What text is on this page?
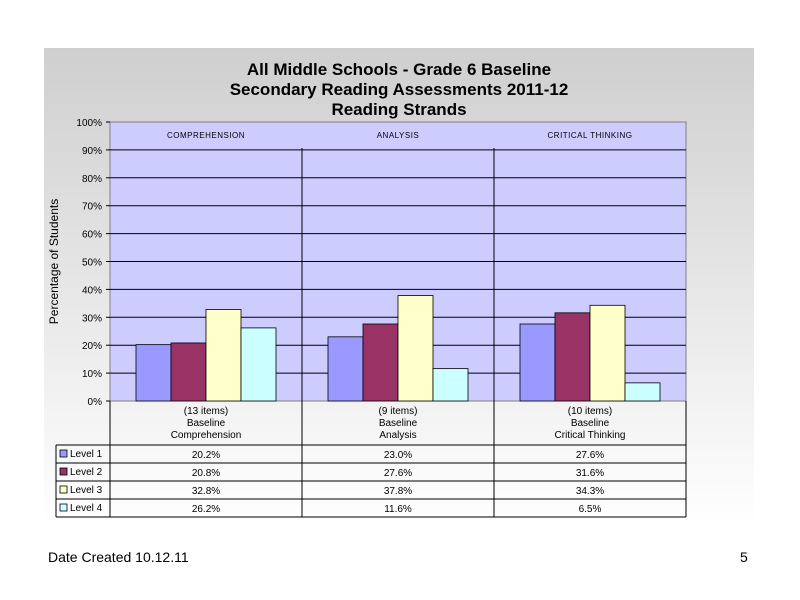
All Middle Schools - Grade 6 Baseline
Secondary Reading Assessments 2011-12
Reading Strands
0%
10%
20%
30%
40%
50%
60%
70%
80%
90%
100%
COMPREHENSION	ANALYSIS	CRITICAL THINKING
Percentage of Students
(13 items)
Baseline
Comprehension
(9 items)
Baseline
Analysis
(10 items)
Baseline
Critical Thinking
Level 1	20.2%	23.0%	27.6%
Level 2	20.8%	27.6%	31.6%
Level 3	32.8%	37.8%	34.3%
Level 4	26.2%	11.6%	6.5%
Date Created 10.12.11	5
